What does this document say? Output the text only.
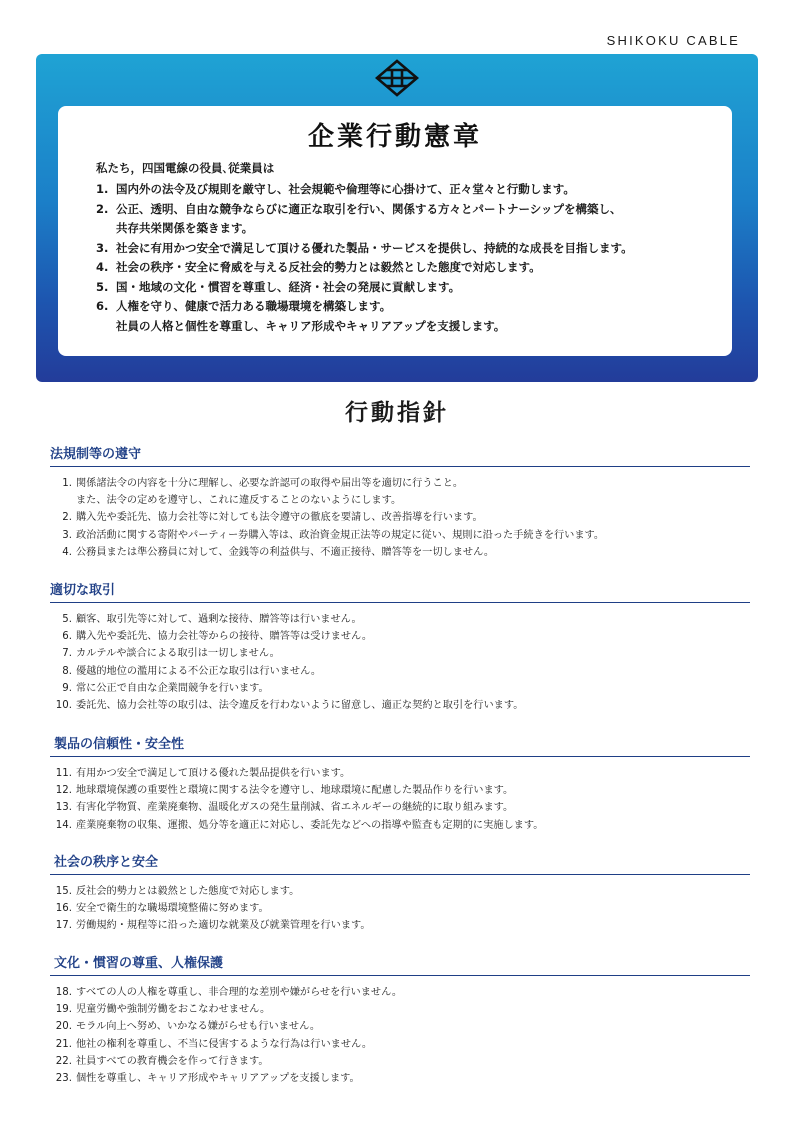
SHIKOKU CABLE
企業行動憲章
私たち，四国電線の役員､従業員は
1. 国内外の法令及び規則を厳守し、社会規範や倫理等に心掛けて、正々堂々と行動します。
2. 公正、透明、自由な競争ならびに適正な取引を行い、関係する方々とパートナーシップを構築し、
共存共栄関係を築きます。
3. 社会に有用かつ安全で満足して頂ける優れた製品・サービスを提供し、持続的な成長を目指します。
4. 社会の秩序・安全に脅威を与える反社会的勢力とは毅然とした態度で対応します。
5. 国・地域の文化・慣習を尊重し、経済・社会の発展に貢献します。
6. 人権を守り、健康で活力ある職場環境を構築します。
社員の人格と個性を尊重し、キャリア形成やキャリアアップを支援します。
行動指針
法規制等の遵守
1. 関係諸法令の内容を十分に理解し、必要な許認可の取得や届出等を適切に行うこと。
また、法令の定めを遵守し、これに違反することのないようにします。
2. 購入先や委託先、協力会社等に対しても法令遵守の徹底を要請し、改善指導を行います。
3. 政治活動に関する寄附やパーティー券購入等は、政治資金規正法等の規定に従い、規則に沿った手続きを行います。
4. 公務員または準公務員に対して、金銭等の利益供与、不適正接待、贈答等を一切しません。
適切な取引
5. 顧客、取引先等に対して、過剰な接待、贈答等は行いません。
6. 購入先や委託先、協力会社等からの接待、贈答等は受けません。
7. カルテルや談合による取引は一切しません。
8. 優越的地位の濫用による不公正な取引は行いません。
9. 常に公正で自由な企業間競争を行います。
10. 委託先、協力会社等の取引は、法令違反を行わないように留意し、適正な契約と取引を行います。
製品の信頼性・安全性
11. 有用かつ安全で満足して頂ける優れた製品提供を行います。
12. 地球環境保護の重要性と環境に関する法令を遵守し、地球環境に配慮した製品作りを行います。
13. 有害化学物質、産業廃棄物、温暖化ガスの発生量削減、省エネルギーの継続的に取り組みます。
14. 産業廃棄物の収集、運搬、処分等を適正に対応し、委託先などへの指導や監査も定期的に実施します。
社会の秩序と安全
15. 反社会的勢力とは毅然とした態度で対応します。
16. 安全で衛生的な職場環境整備に努めます。
17. 労働規約・規程等に沿った適切な就業及び就業管理を行います。
文化・慣習の尊重、人権保護
18. すべての人の人権を尊重し、非合理的な差別や嫌がらせを行いません。
19. 児童労働や強制労働をおこなわせません。
20. モラル向上へ努め、いかなる嫌がらせも行いません。
21. 他社の権利を尊重し、不当に侵害するような行為は行いません。
22. 社員すべての教育機会を作って行きます。
23. 個性を尊重し、キャリア形成やキャリアアップを支援します。
